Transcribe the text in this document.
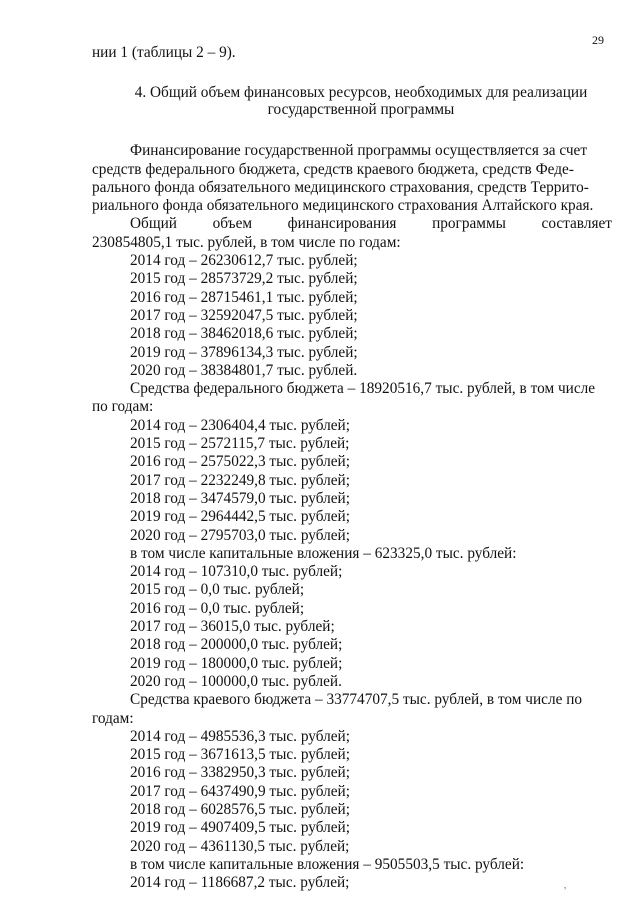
29
нии 1 (таблицы 2 – 9).
4. Общий объем финансовых ресурсов, необходимых для реализации
государственной программы
Финансирование государственной программы осуществляется за счет
средств федерального бюджета, средств краевого бюджета, средств Феде-
рального фонда обязательного медицинского страхования, средств Террито-
риального фонда обязательного медицинского страхования Алтайского края.
Общий объем финансирования программы составляет
230854805,1 тыс. рублей, в том числе по годам:
2014 год – 26230612,7 тыс. рублей;
2015 год – 28573729,2 тыс. рублей;
2016 год – 28715461,1 тыс. рублей;
2017 год – 32592047,5 тыс. рублей;
2018 год – 38462018,6 тыс. рублей;
2019 год – 37896134,3 тыс. рублей;
2020 год – 38384801,7 тыс. рублей.
Средства федерального бюджета – 18920516,7 тыс. рублей, в том числе
по годам:
2014 год – 2306404,4 тыс. рублей;
2015 год – 2572115,7 тыс. рублей;
2016 год – 2575022,3 тыс. рублей;
2017 год – 2232249,8 тыс. рублей;
2018 год – 3474579,0 тыс. рублей;
2019 год – 2964442,5 тыс. рублей;
2020 год – 2795703,0 тыс. рублей;
в том числе капитальные вложения – 623325,0 тыс. рублей:
2014 год – 107310,0 тыс. рублей;
2015 год – 0,0 тыс. рублей;
2016 год – 0,0 тыс. рублей;
2017 год – 36015,0 тыс. рублей;
2018 год – 200000,0 тыс. рублей;
2019 год – 180000,0 тыс. рублей;
2020 год – 100000,0 тыс. рублей.
Средства краевого бюджета – 33774707,5 тыс. рублей, в том числе по
годам:
2014 год – 4985536,3 тыс. рублей;
2015 год – 3671613,5 тыс. рублей;
2016 год – 3382950,3 тыс. рублей;
2017 год – 6437490,9 тыс. рублей;
2018 год – 6028576,5 тыс. рублей;
2019 год – 4907409,5 тыс. рублей;
2020 год – 4361130,5 тыс. рублей;
в том числе капитальные вложения – 9505503,5 тыс. рублей:
2014 год – 1186687,2 тыс. рублей;	,
